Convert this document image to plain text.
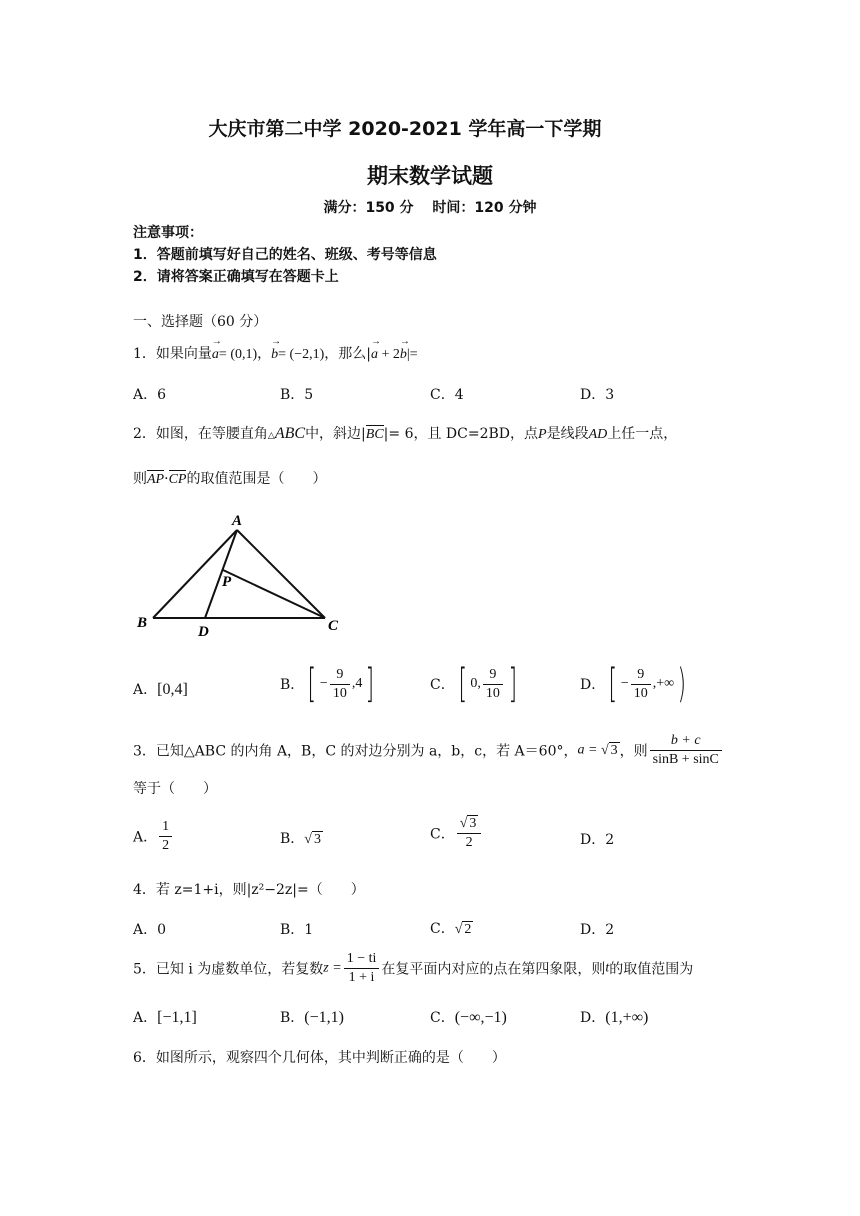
大庆市第二中学 2020-2021 学年高一下学期
期末数学试题
满分：150 分　 时间：120 分钟
注意事项：
1．答题前填写好自己的姓名、班级、考号等信息
2．请将答案正确填写在答题卡上
一、选择题（60 分）
1．如果向量→ a= (0,1)，→ b= (−2,1)，那么|→ a + 2→ b|=
A．6	B．5	C．4	D．3
2．如图，在等腰直角△ABC中，斜边|BC|= 6，且 DC=2BD，点P是线段AD上任一点，
则AP·CP的取值范围是（　　）
A
B	C
D
P
A．[0,4]	B．[ − $\frac{9}{10} ,4$]	C．[ 0, $\frac{9}{10}$ ]	D．[ − $\frac{9}{10}$ ,+∞)
3．已知△ABC 的内角 A，B，C 的对边分别为 a，b，c，若 A＝60°，a = √ 3 ，则 $\frac{b + c}{\sin B + \sin C}$
等于（　　）
A． $\frac{1}{2}$	B．√ 3	C． $\frac{√ 3}{2}$	D．2
4．若 z=1+i，则|z²−2z|=（　　）
A．0	B．1	C．√ 2	D．2
5．已知 i 为虚数单位，若复数$z = \frac{1 - ti}{1 + i}$ 在复平面内对应的点在第四象限，则t的取值范围为
A．[−1,1]	B．(−1,1)	C．(−∞,−1)	D．(1,+∞)
6．如图所示，观察四个几何体，其中判断正确的是（　　）
